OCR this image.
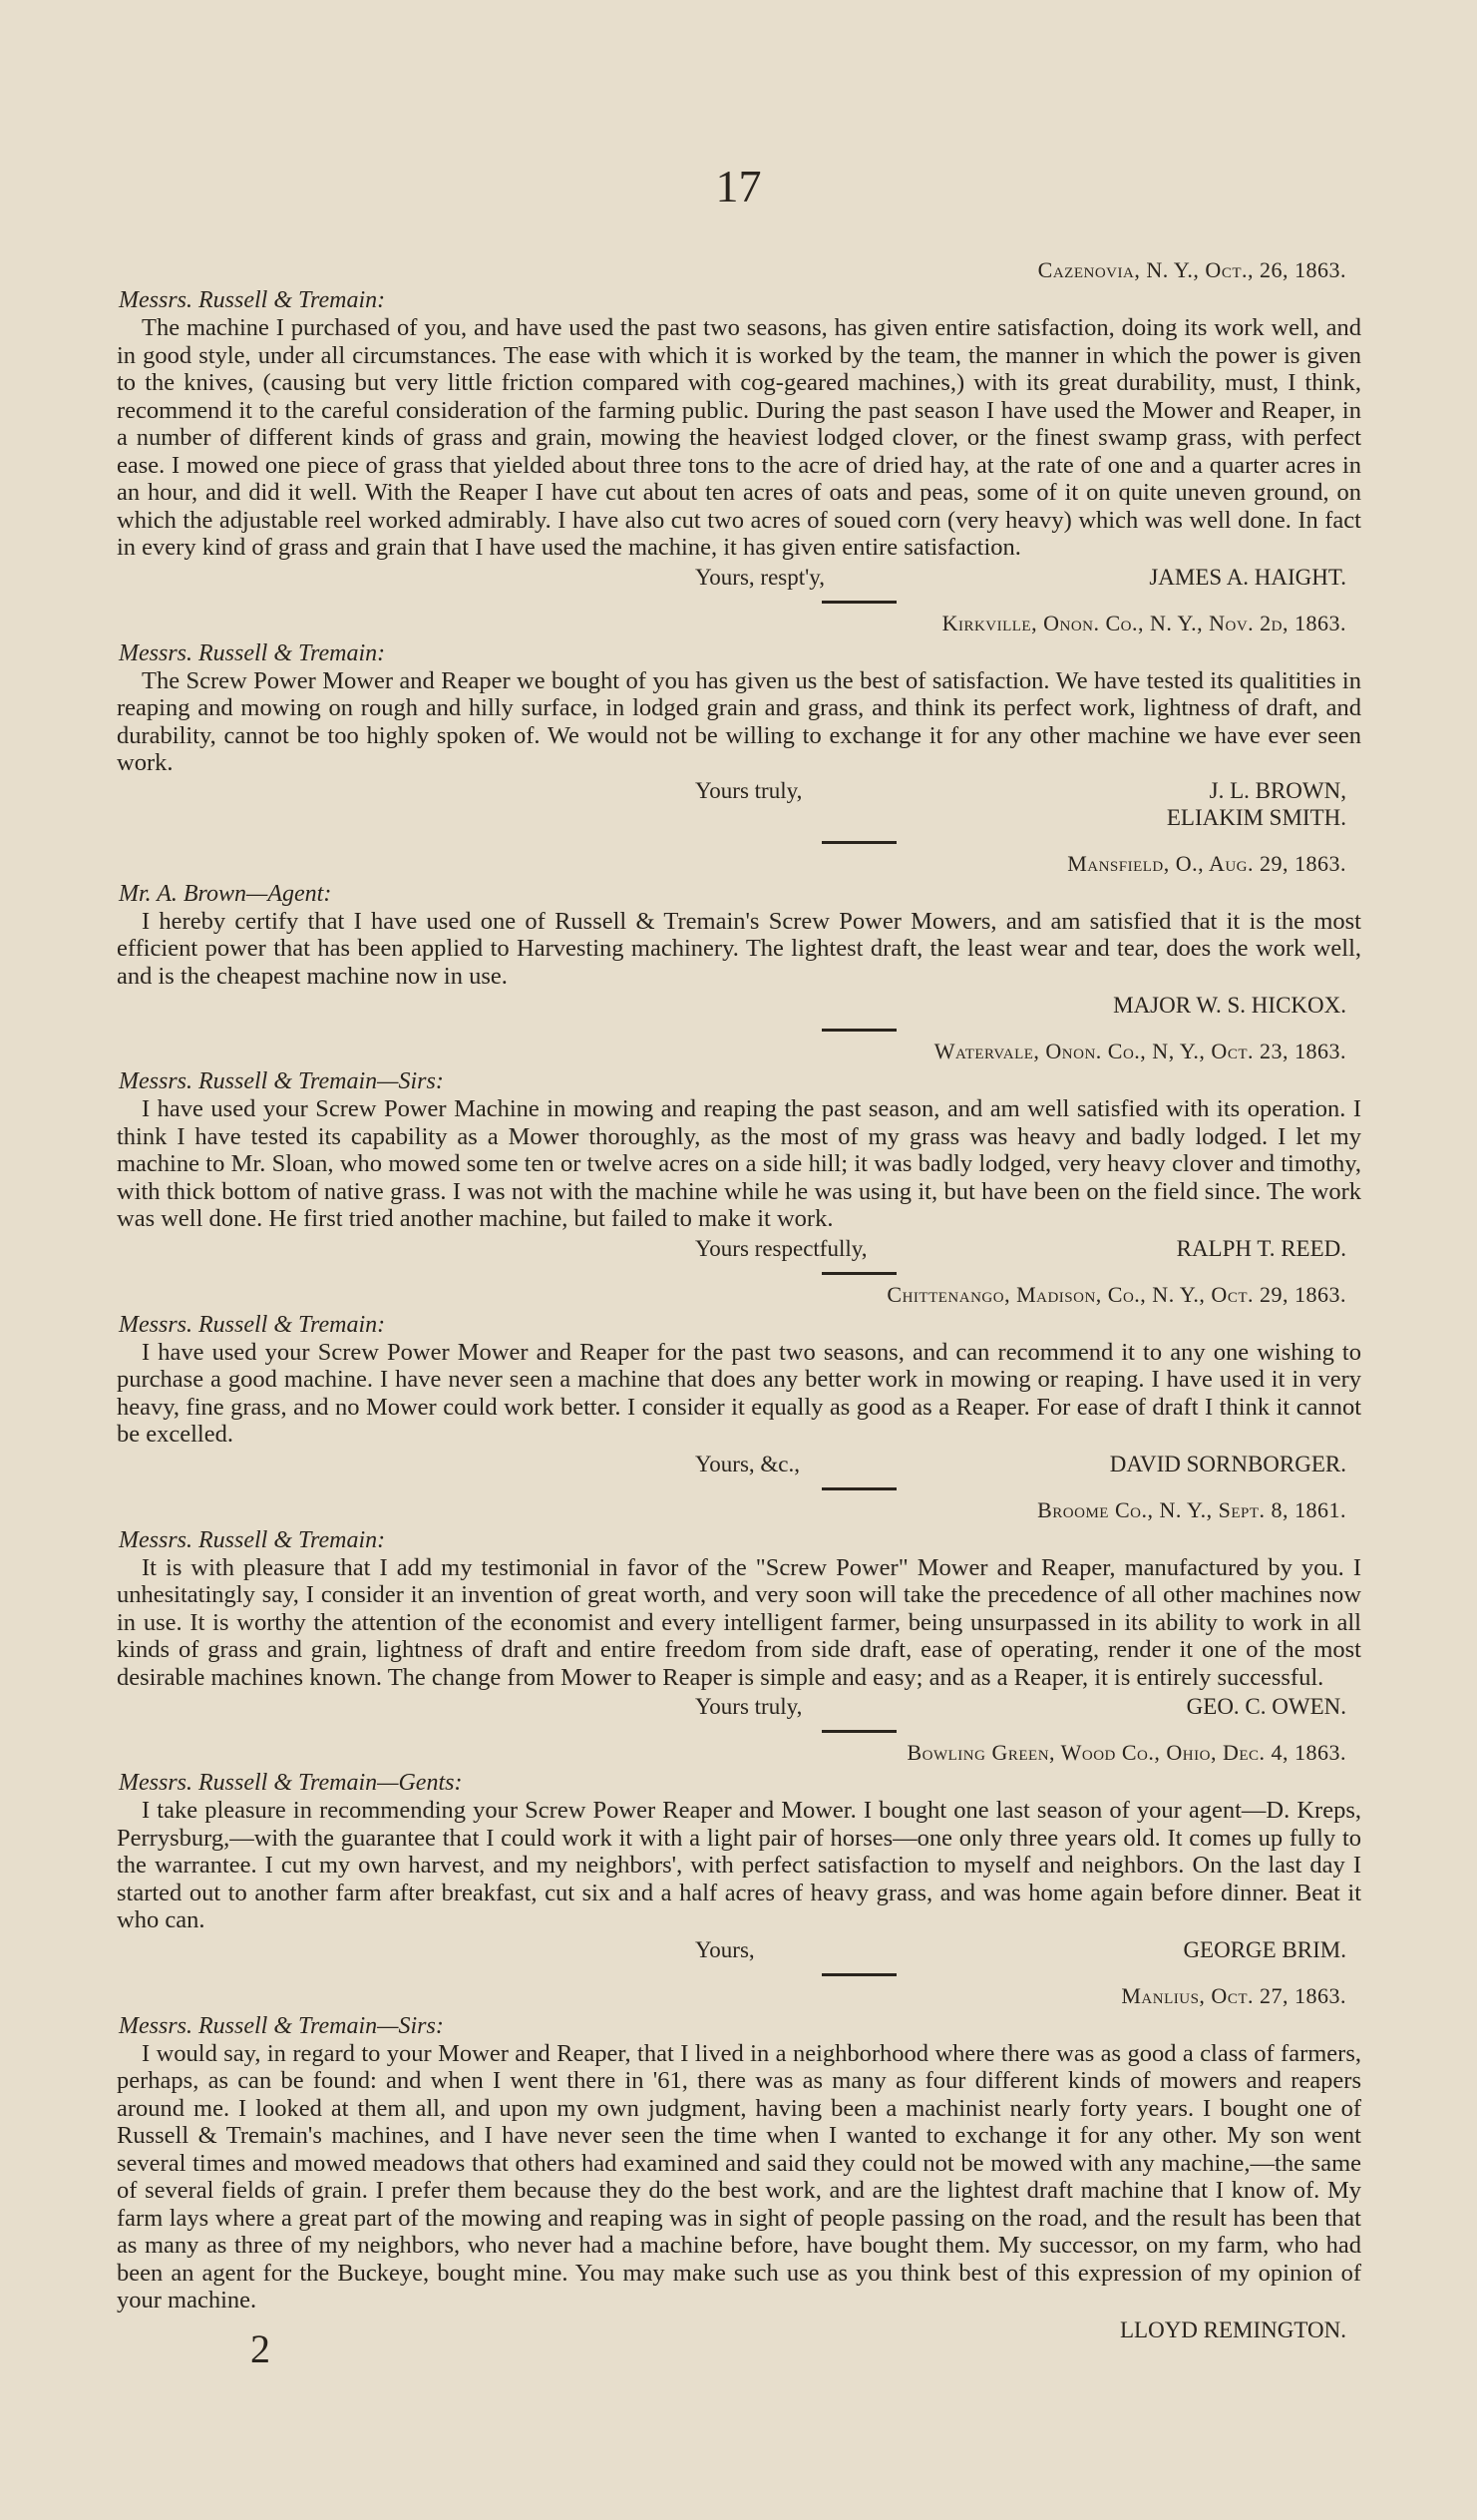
17
Cazenovia, N. Y., Oct., 26, 1863.
Messrs. Russell & Tremain:

The machine I purchased of you, and have used the past two seasons, has given entire satisfaction, doing its work well, and in good style, under all circumstances. The ease with which it is worked by the team, the manner in which the power is given to the knives, (causing but very little friction compared with cog-geared machines,) with its great durability, must, I think, recommend it to the careful consideration of the farming public. During the past season I have used the Mower and Reaper, in a number of different kinds of grass and grain, mowing the heaviest lodged clover, or the finest swamp grass, with perfect ease. I mowed one piece of grass that yielded about three tons to the acre of dried hay, at the rate of one and a quarter acres in an hour, and did it well. With the Reaper I have cut about ten acres of oats and peas, some of it on quite uneven ground, on which the adjustable reel worked admirably. I have also cut two acres of soued corn (very heavy) which was well done. In fact in every kind of grass and grain that I have used the machine, it has given entire satisfaction.

Yours, respt'y,	JAMES A. HAIGHT.
Kirkville, Onon. Co., N. Y., Nov. 2d, 1863.
Messrs. Russell & Tremain:

The Screw Power Mower and Reaper we bought of you has given us the best of satisfaction. We have tested its qualitities in reaping and mowing on rough and hilly surface, in lodged grain and grass, and think its perfect work, lightness of draft, and durability, cannot be too highly spoken of. We would not be willing to exchange it for any other machine we have ever seen work.

Yours truly,	J. L. BROWN,
ELIAKIM SMITH.
Mansfield, O., Aug. 29, 1863.
Mr. A. Brown—Agent:

I hereby certify that I have used one of Russell & Tremain's Screw Power Mowers, and am satisfied that it is the most efficient power that has been applied to Harvesting machinery. The lightest draft, the least wear and tear, does the work well, and is the cheapest machine now in use.

MAJOR W. S. HICKOX.
Watervale, Onon. Co., N, Y., Oct. 23, 1863.
Messrs. Russell & Tremain—Sirs:

I have used your Screw Power Machine in mowing and reaping the past season, and am well satisfied with its operation. I think I have tested its capability as a Mower thoroughly, as the most of my grass was heavy and badly lodged. I let my machine to Mr. Sloan, who mowed some ten or twelve acres on a side hill; it was badly lodged, very heavy clover and timothy, with thick bottom of native grass. I was not with the machine while he was using it, but have been on the field since. The work was well done. He first tried another machine, but failed to make it work.

Yours respectfully,	RALPH T. REED.
Chittenango, Madison, Co., N. Y., Oct. 29, 1863.
Messrs. Russell & Tremain:

I have used your Screw Power Mower and Reaper for the past two seasons, and can recommend it to any one wishing to purchase a good machine. I have never seen a machine that does any better work in mowing or reaping. I have used it in very heavy, fine grass, and no Mower could work better. I consider it equally as good as a Reaper. For ease of draft I think it cannot be excelled.

Yours, &c.,	DAVID SORNBORGER.
Broome Co., N. Y., Sept. 8, 1861.
Messrs. Russell & Tremain:

It is with pleasure that I add my testimonial in favor of the "Screw Power" Mower and Reaper, manufactured by you. I unhesitatingly say, I consider it an invention of great worth, and very soon will take the precedence of all other machines now in use. It is worthy the attention of the economist and every intelligent farmer, being unsurpassed in its ability to work in all kinds of grass and grain, lightness of draft and entire freedom from side draft, ease of operating, render it one of the most desirable machines known. The change from Mower to Reaper is simple and easy; and as a Reaper, it is entirely successful.

Yours truly,	GEO. C. OWEN.
Bowling Green, Wood Co., Ohio, Dec. 4, 1863.
Messrs. Russell & Tremain—Gents:

I take pleasure in recommending your Screw Power Reaper and Mower. I bought one last season of your agent—D. Kreps, Perrysburg,—with the guarantee that I could work it with a light pair of horses—one only three years old. It comes up fully to the warrantee. I cut my own harvest, and my neighbors', with perfect satisfaction to myself and neighbors. On the last day I started out to another farm after breakfast, cut six and a half acres of heavy grass, and was home again before dinner. Beat it who can.

Yours,	GEORGE BRIM.
Manlius, Oct. 27, 1863.
Messrs. Russell & Tremain—Sirs:

I would say, in regard to your Mower and Reaper, that I lived in a neighborhood where there was as good a class of farmers, perhaps, as can be found: and when I went there in '61, there was as many as four different kinds of mowers and reapers around me. I looked at them all, and upon my own judgment, having been a machinist nearly forty years. I bought one of Russell & Tremain's machines, and I have never seen the time when I wanted to exchange it for any other. My son went several times and mowed meadows that others had examined and said they could not be mowed with any machine,—the same of several fields of grain. I prefer them because they do the best work, and are the lightest draft machine that I know of. My farm lays where a great part of the mowing and reaping was in sight of people passing on the road, and the result has been that as many as three of my neighbors, who never had a machine before, have bought them. My successor, on my farm, who had been an agent for the Buckeye, bought mine. You may make such use as you think best of this expression of my opinion of your machine.

LLOYD REMINGTON.
2
